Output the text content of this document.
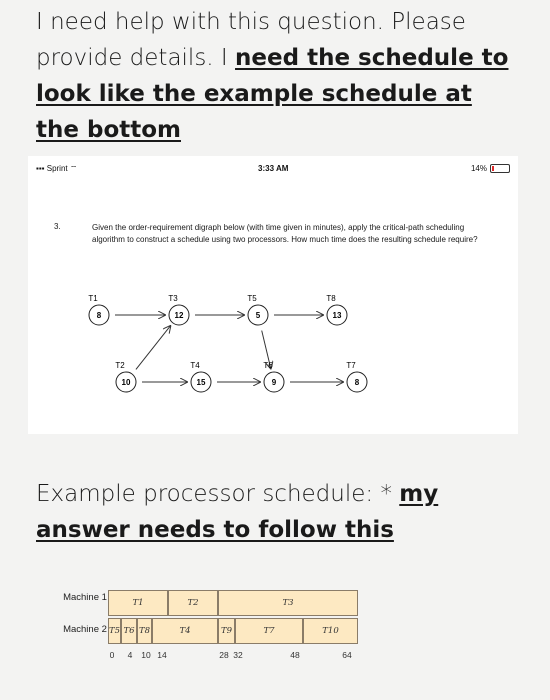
I need help with this question. Please provide details. I need the schedule to look like the example schedule at the bottom
▪▪▪ Sprint ⌔	3:33 AM	14%
3.	Given the order-requirement digraph below (with time given in minutes), apply the critical-path scheduling algorithm to construct a schedule using two processors. How much time does the resulting schedule require?
8
T1
10
T2
12
T3
15
T4
5
T5
9
T6
8
T7
13
T8
Example processor schedule: * my answer needs to follow this
Machine 1
Machine 2
T1	T2	T3
T5 T6 T8	T4	T9	T7	T10
0 4 10 14	28 32	48	64
